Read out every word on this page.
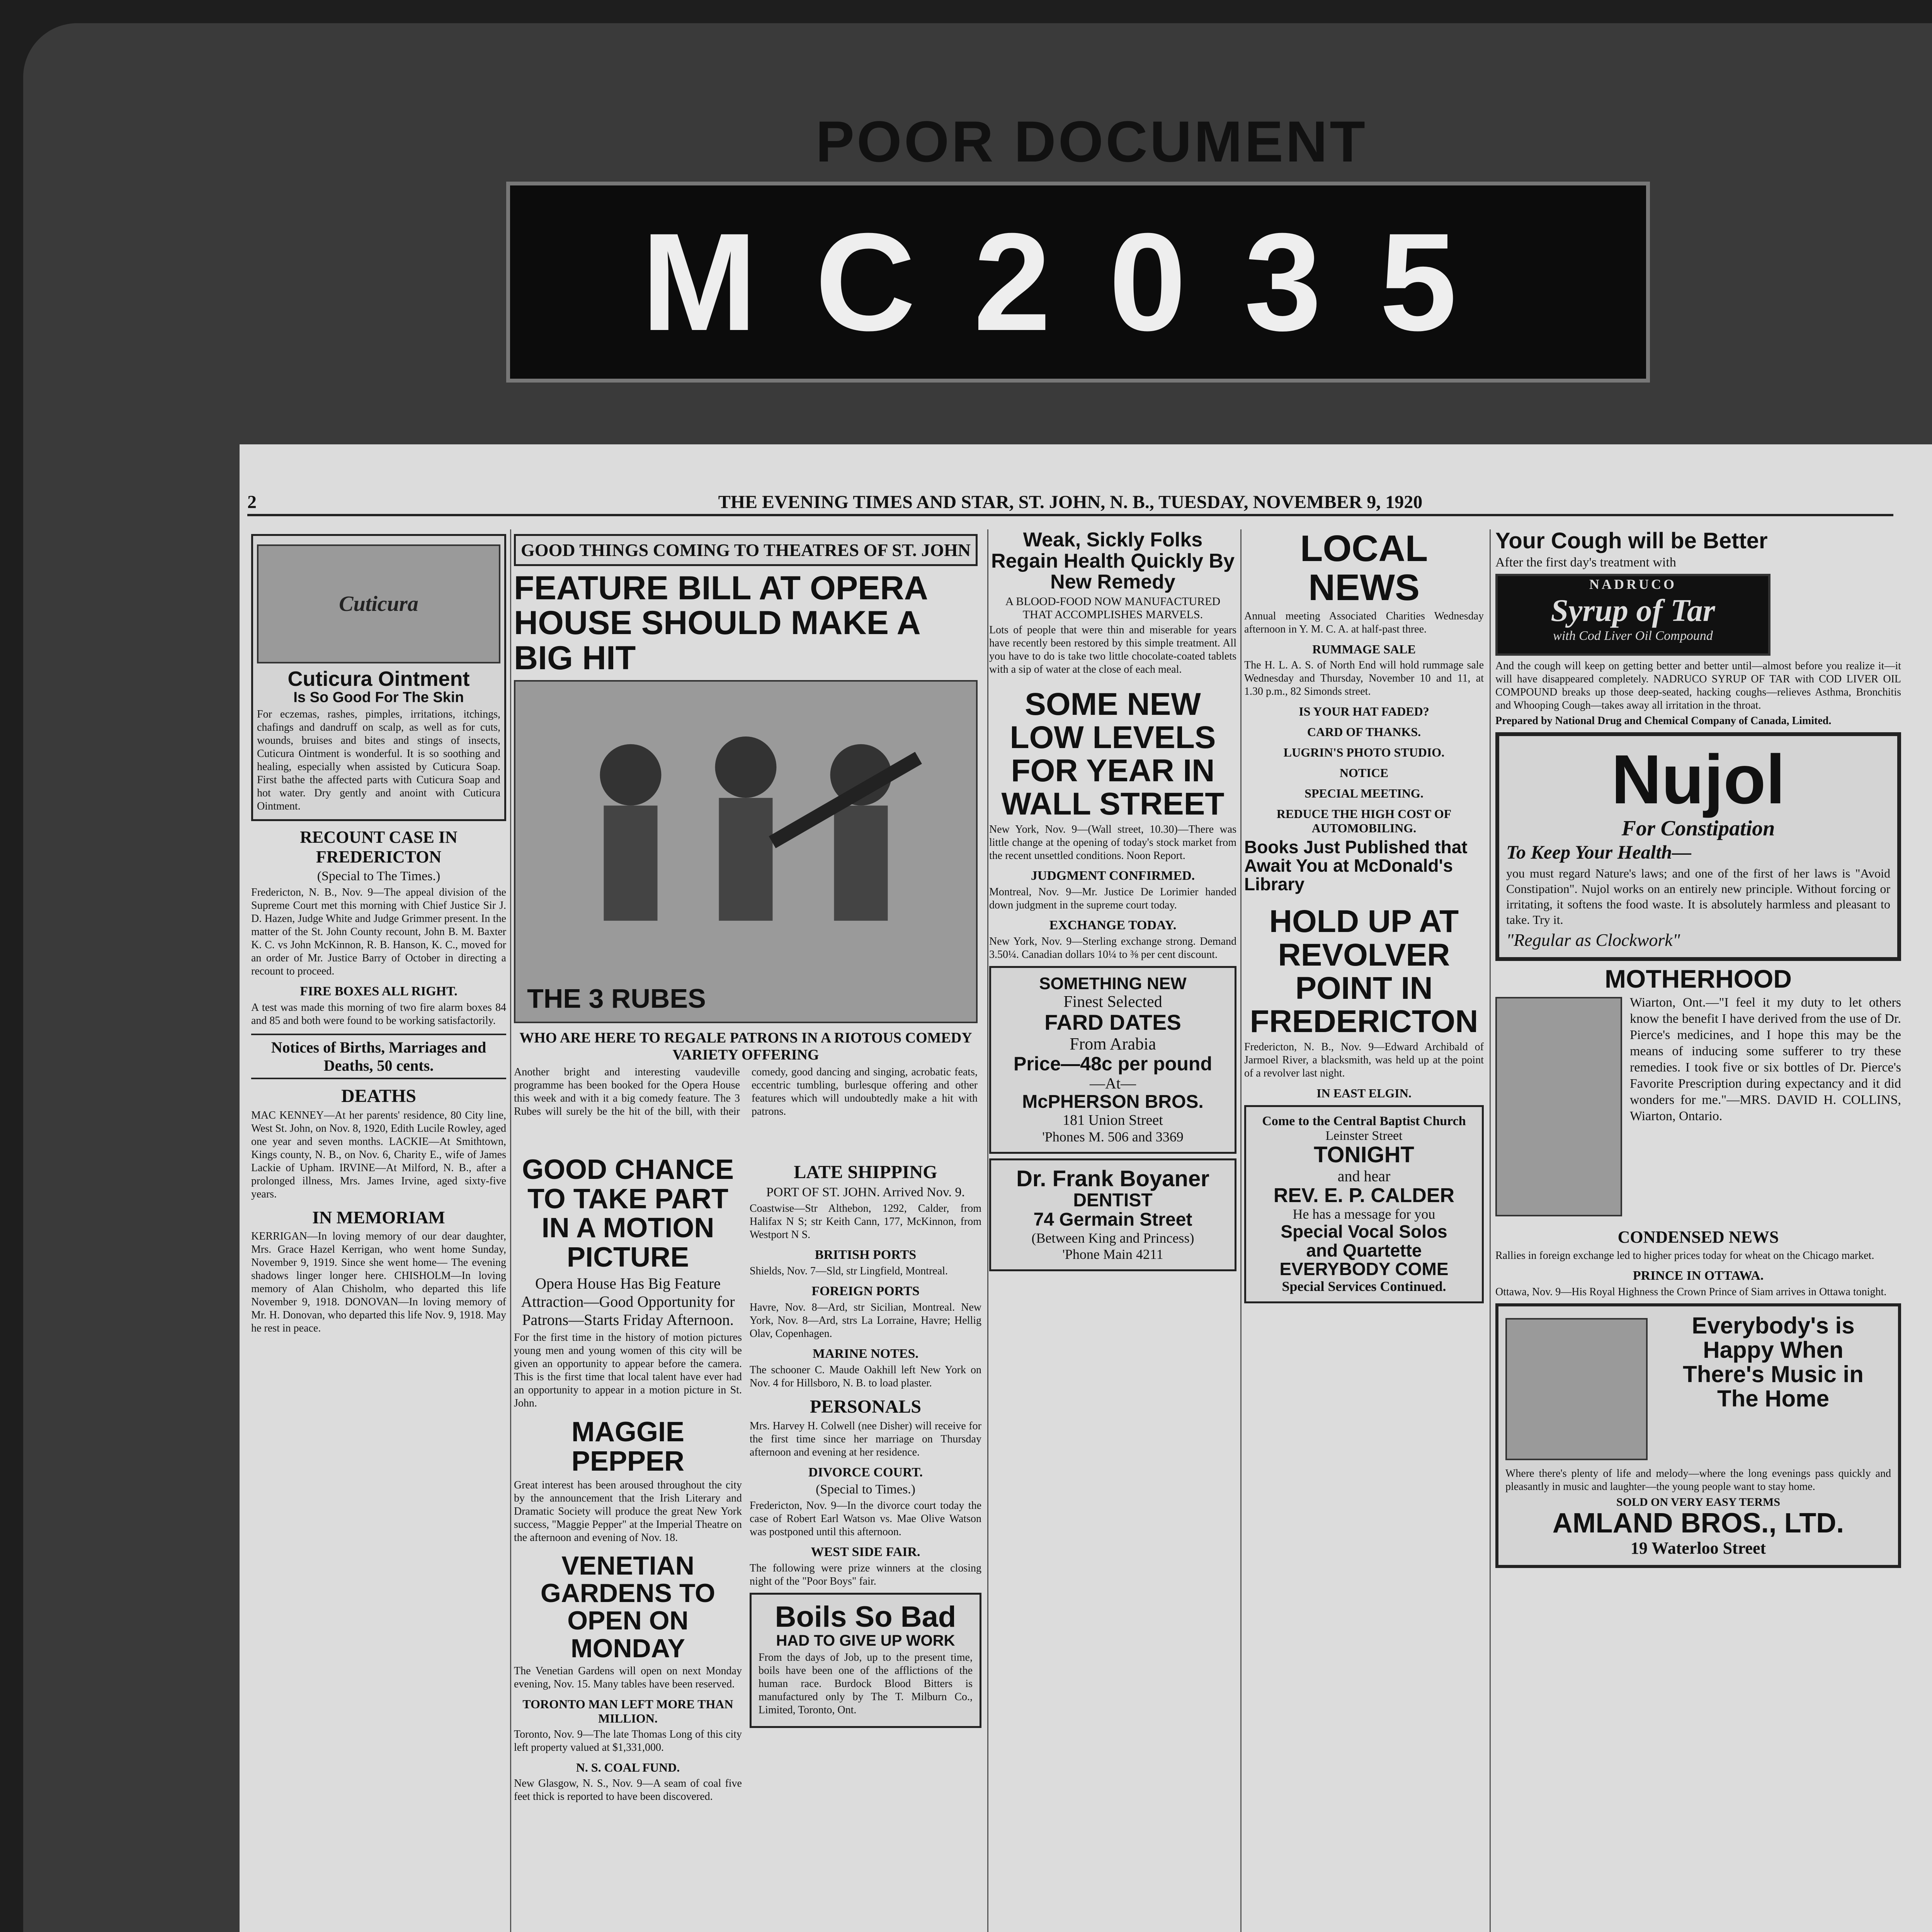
POOR DOCUMENT
MC2035
2	THE EVENING TIMES AND STAR, ST. JOHN, N. B., TUESDAY, NOVEMBER 9, 1920
Cuticura
Cuticura Ointment
Is So Good For The Skin
For eczemas, rashes, pimples, irritations, itchings, chafings and dandruff on scalp, as well as for cuts, wounds, bruises and bites and stings of insects, Cuticura Ointment is wonderful. It is so soothing and healing, especially when assisted by Cuticura Soap. First bathe the affected parts with Cuticura Soap and hot water. Dry gently and anoint with Cuticura Ointment.
RECOUNT CASE IN FREDERICTON
(Special to The Times.)
Fredericton, N. B., Nov. 9—The appeal division of the Supreme Court met this morning with Chief Justice Sir J. D. Hazen, Judge White and Judge Grimmer present. In the matter of the St. John County recount, John B. M. Baxter K. C. vs John McKinnon, R. B. Hanson, K. C., moved for an order of Mr. Justice Barry of October in directing a recount to proceed.
FIRE BOXES ALL RIGHT.
A test was made this morning of two fire alarm boxes 84 and 85 and both were found to be working satisfactorily.
Notices of Births, Marriages and Deaths, 50 cents.
DEATHS
MAC KENNEY—At her parents' residence, 80 City line, West St. John, on Nov. 8, 1920, Edith Lucile Rowley, aged one year and seven months. LACKIE—At Smithtown, Kings county, N. B., on Nov. 6, Charity E., wife of James Lackie of Upham. IRVINE—At Milford, N. B., after a prolonged illness, Mrs. James Irvine, aged sixty-five years.
IN MEMORIAM
KERRIGAN—In loving memory of our dear daughter, Mrs. Grace Hazel Kerrigan, who went home Sunday, November 9, 1919. Since she went home— The evening shadows linger longer here. CHISHOLM—In loving memory of Alan Chisholm, who departed this life November 9, 1918. DONOVAN—In loving memory of Mr. H. Donovan, who departed this life Nov. 9, 1918. May he rest in peace.
GOOD THINGS COMING TO THEATRES OF ST. JOHN
FEATURE BILL AT OPERA HOUSE SHOULD MAKE A BIG HIT
THE 3 RUBES
WHO ARE HERE TO REGALE PATRONS IN A RIOTOUS COMEDY VARIETY OFFERING
Another bright and interesting vaudeville programme has been booked for the Opera House this week and with it a big comedy feature. The 3 Rubes will surely be the hit of the bill, with their comedy, good dancing and singing, acrobatic feats, eccentric tumbling, burlesque offering and other features which will undoubtedly make a hit with patrons.
GOOD CHANCE TO TAKE PART IN A MOTION PICTURE
Opera House Has Big Feature Attraction—Good Opportunity for Patrons—Starts Friday Afternoon.
For the first time in the history of motion pictures young men and young women of this city will be given an opportunity to appear before the camera. This is the first time that local talent have ever had an opportunity to appear in a motion picture in St. John.
MAGGIE PEPPER
Great interest has been aroused throughout the city by the announcement that the Irish Literary and Dramatic Society will produce the great New York success, "Maggie Pepper" at the Imperial Theatre on the afternoon and evening of Nov. 18.
VENETIAN GARDENS TO OPEN ON MONDAY
The Venetian Gardens will open on next Monday evening, Nov. 15. Many tables have been reserved.
TORONTO MAN LEFT MORE THAN MILLION.
Toronto, Nov. 9—The late Thomas Long of this city left property valued at $1,331,000.
N. S. COAL FUND.
New Glasgow, N. S., Nov. 9—A seam of coal five feet thick is reported to have been discovered.
LATE SHIPPING
PORT OF ST. JOHN. Arrived Nov. 9.
Coastwise—Str Althebon, 1292, Calder, from Halifax N S; str Keith Cann, 177, McKinnon, from Westport N S.
BRITISH PORTS
Shields, Nov. 7—Sld, str Lingfield, Montreal.
FOREIGN PORTS
Havre, Nov. 8—Ard, str Sicilian, Montreal. New York, Nov. 8—Ard, strs La Lorraine, Havre; Hellig Olav, Copenhagen.
MARINE NOTES.
The schooner C. Maude Oakhill left New York on Nov. 4 for Hillsboro, N. B. to load plaster.
PERSONALS
Mrs. Harvey H. Colwell (nee Disher) will receive for the first time since her marriage on Thursday afternoon and evening at her residence.
DIVORCE COURT.
(Special to Times.)
Fredericton, Nov. 9—In the divorce court today the case of Robert Earl Watson vs. Mae Olive Watson was postponed until this afternoon.
WEST SIDE FAIR.
The following were prize winners at the closing night of the "Poor Boys" fair.
Boils So Bad
HAD TO GIVE UP WORK
From the days of Job, up to the present time, boils have been one of the afflictions of the human race. Burdock Blood Bitters is manufactured only by The T. Milburn Co., Limited, Toronto, Ont.
Weak, Sickly Folks Regain Health Quickly By New Remedy
A BLOOD-FOOD NOW MANUFACTURED THAT ACCOMPLISHES MARVELS.
Lots of people that were thin and miserable for years have recently been restored by this simple treatment. All you have to do is take two little chocolate-coated tablets with a sip of water at the close of each meal.
SOME NEW LOW LEVELS FOR YEAR IN WALL STREET
New York, Nov. 9—(Wall street, 10.30)—There was little change at the opening of today's stock market from the recent unsettled conditions. Noon Report.
JUDGMENT CONFIRMED.
Montreal, Nov. 9—Mr. Justice De Lorimier handed down judgment in the supreme court today.
EXCHANGE TODAY.
New York, Nov. 9—Sterling exchange strong. Demand 3.50¼. Canadian dollars 10¼ to ⅜ per cent discount.
SOMETHING NEW
Finest Selected
FARD DATES
From Arabia
Price—48c per pound
—At—
McPHERSON BROS.
181 Union Street
'Phones M. 506 and 3369
Dr. Frank Boyaner
DENTIST
74 Germain Street
(Between King and Princess)
'Phone Main 4211
LOCAL NEWS
Annual meeting Associated Charities Wednesday afternoon in Y. M. C. A. at half-past three.
RUMMAGE SALE
The H. L. A. S. of North End will hold rummage sale Wednesday and Thursday, November 10 and 11, at 1.30 p.m., 82 Simonds street.
IS YOUR HAT FADED?
CARD OF THANKS.
LUGRIN'S PHOTO STUDIO.
NOTICE
SPECIAL MEETING.
REDUCE THE HIGH COST OF AUTOMOBILING.
Books Just Published that Await You at McDonald's Library
HOLD UP AT REVOLVER POINT IN FREDERICTON
Fredericton, N. B., Nov. 9—Edward Archibald of Jarmoel River, a blacksmith, was held up at the point of a revolver last night.
IN EAST ELGIN.
Come to the Central Baptist Church
Leinster Street
TONIGHT
and hear
REV. E. P. CALDER
He has a message for you
Special Vocal Solos
and Quartette
EVERYBODY COME
Special Services Continued.
Your Cough will be Better
After the first day's treatment with
NADRUCO
Syrup of Tar
with Cod Liver Oil Compound
And the cough will keep on getting better and better until—almost before you realize it—it will have disappeared completely. NADRUCO SYRUP OF TAR with COD LIVER OIL COMPOUND breaks up those deep-seated, hacking coughs—relieves Asthma, Bronchitis and Whooping Cough—takes away all irritation in the throat.
Prepared by National Drug and Chemical Company of Canada, Limited.
Nujol
For Constipation
To Keep Your Health—
you must regard Nature's laws; and one of the first of her laws is "Avoid Constipation". Nujol works on an entirely new principle. Without forcing or irritating, it softens the food waste. It is absolutely harmless and pleasant to take. Try it.
"Regular as Clockwork"
MOTHERHOOD
Wiarton, Ont.—"I feel it my duty to let others know the benefit I have derived from the use of Dr. Pierce's medicines, and I hope this may be the means of inducing some sufferer to try these remedies. I took five or six bottles of Dr. Pierce's Favorite Prescription during expectancy and it did wonders for me."—MRS. DAVID H. COLLINS, Wiarton, Ontario.
CONDENSED NEWS
Rallies in foreign exchange led to higher prices today for wheat on the Chicago market.
PRINCE IN OTTAWA.
Ottawa, Nov. 9—His Royal Highness the Crown Prince of Siam arrives in Ottawa tonight.
Everybody's is
Happy When
There's Music in
The Home
Where there's plenty of life and melody—where the long evenings pass quickly and pleasantly in music and laughter—the young people want to stay home.
SOLD ON VERY EASY TERMS
AMLAND BROS., LTD.
19 Waterloo Street
